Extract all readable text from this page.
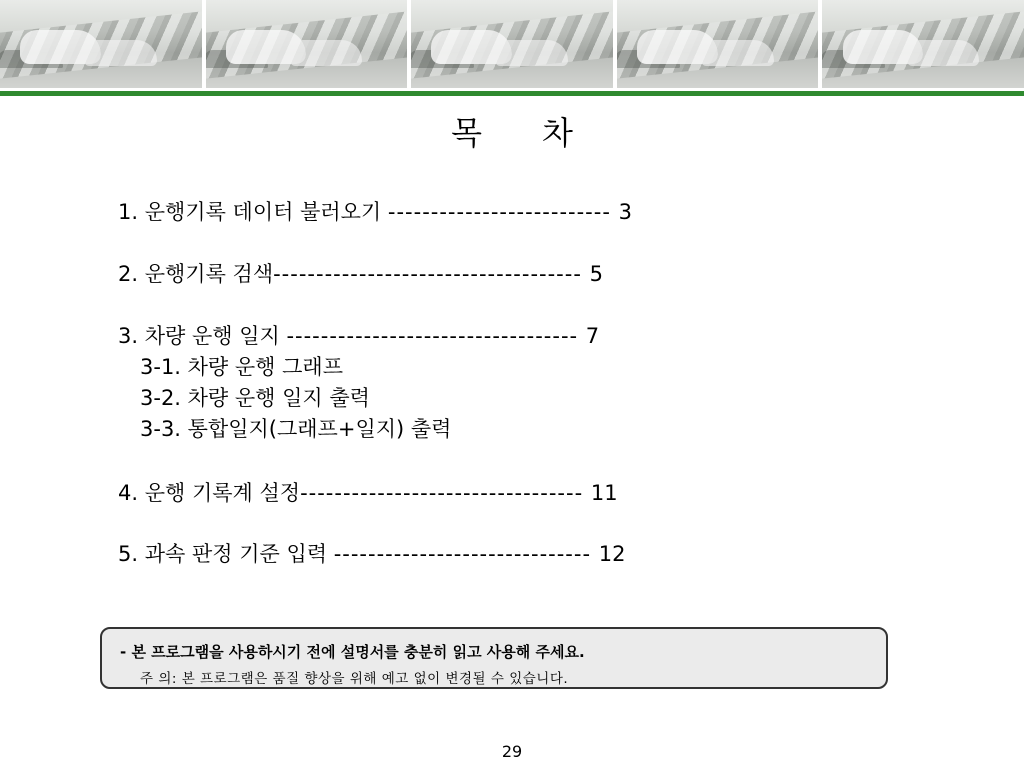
목 차
1. 운행기록 데이터 불러오기 -------------------------- 3
2. 운행기록 검색------------------------------------ 5
3. 차량 운행 일지 ---------------------------------- 7
3-1. 차량 운행 그래프
3-2. 차량 운행 일지 출력
3-3. 통합일지(그래프+일지) 출력
4. 운행 기록계 설정--------------------------------- 11
5. 과속 판정 기준 입력 ------------------------------ 12
- 본 프로그램을 사용하시기 전에 설명서를 충분히 읽고 사용해 주세요.
주 의: 본 프로그램은 품질 향상을 위해 예고 없이 변경될 수 있습니다.
29
